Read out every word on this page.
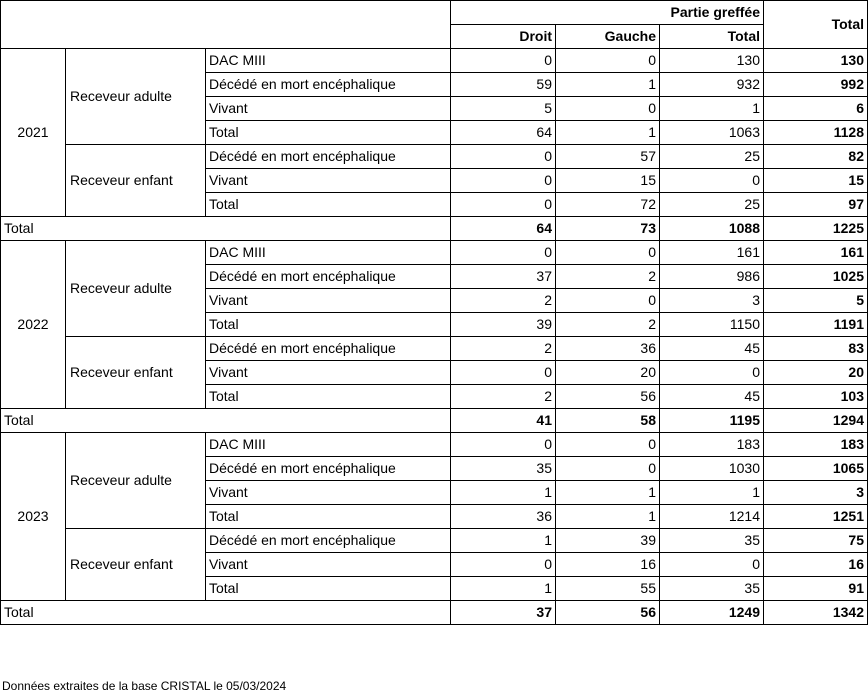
			Partie greffée			Total
			Droit	Gauche	Total	
2021	Receveur adulte	DAC MIII	0	0	130	130
		Décédé en mort encéphalique	59	1	932	992
		Vivant	5	0	1	6
		Total	64	1	1063	1128
	Receveur enfant	Décédé en mort encéphalique	0	57	25	82
		Vivant	0	15	0	15
		Total	0	72	25	97
Total			64	73	1088	1225
2022	Receveur adulte	DAC MIII	0	0	161	161
		Décédé en mort encéphalique	37	2	986	1025
		Vivant	2	0	3	5
		Total	39	2	1150	1191
	Receveur enfant	Décédé en mort encéphalique	2	36	45	83
		Vivant	0	20	0	20
		Total	2	56	45	103
Total			41	58	1195	1294
2023	Receveur adulte	DAC MIII	0	0	183	183
		Décédé en mort encéphalique	35	0	1030	1065
		Vivant	1	1	1	3
		Total	36	1	1214	1251
	Receveur enfant	Décédé en mort encéphalique	1	39	35	75
		Vivant	0	16	0	16
		Total	1	55	35	91
Total			37	56	1249	1342
Données extraites de la base CRISTAL le 05/03/2024
